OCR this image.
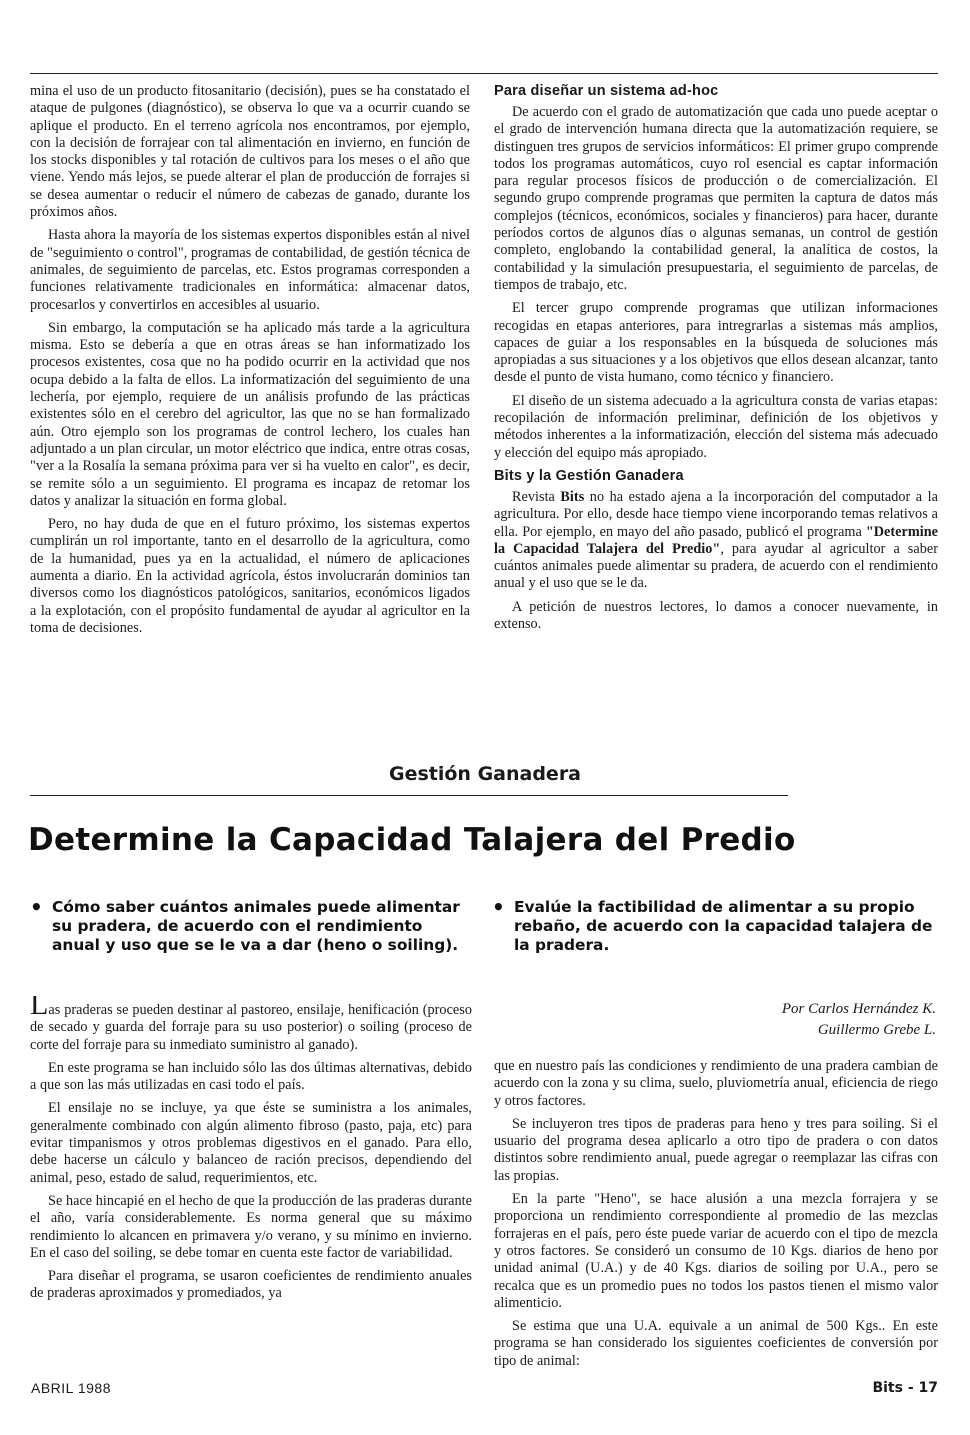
mina el uso de un producto fitosanitario (decisión), pues se ha constatado el ataque de pulgones (diagnóstico), se observa lo que va a ocurrir cuando se aplique el producto. En el terreno agrícola nos encontramos, por ejemplo, con la decisión de forrajear con tal alimentación en invierno, en función de los stocks disponibles y tal rotación de cultivos para los meses o el año que viene. Yendo más lejos, se puede alterar el plan de producción de forrajes si se desea aumentar o reducir el número de cabezas de ganado, durante los próximos años.

Hasta ahora la mayoría de los sistemas expertos disponibles están al nivel de "seguimiento o control", programas de contabilidad, de gestión técnica de animales, de seguimiento de parcelas, etc. Estos programas corresponden a funciones relativamente tradicionales en informática: almacenar datos, procesarlos y convertirlos en accesibles al usuario.

Sin embargo, la computación se ha aplicado más tarde a la agricultura misma. Esto se debería a que en otras áreas se han informatizado los procesos existentes, cosa que no ha podido ocurrir en la actividad que nos ocupa debido a la falta de ellos. La informatización del seguimiento de una lechería, por ejemplo, requiere de un análisis profundo de las prácticas existentes sólo en el cerebro del agricultor, las que no se han formalizado aún. Otro ejemplo son los programas de control lechero, los cuales han adjuntado a un plan circular, un motor eléctrico que indica, entre otras cosas, "ver a la Rosalía la semana próxima para ver si ha vuelto en calor", es decir, se remite sólo a un seguimiento. El programa es incapaz de retomar los datos y analizar la situación en forma global.

Pero, no hay duda de que en el futuro próximo, los sistemas expertos cumplirán un rol importante, tanto en el desarrollo de la agricultura, como de la humanidad, pues ya en la actualidad, el número de aplicaciones aumenta a diario. En la actividad agrícola, éstos involucrarán dominios tan diversos como los diagnósticos patológicos, sanitarios, económicos ligados a la explotación, con el propósito fundamental de ayudar al agricultor en la toma de decisiones.

Para diseñar un sistema ad-hoc

De acuerdo con el grado de automatización que cada uno puede aceptar o el grado de intervención humana directa que la automatización requiere, se distinguen tres grupos de servicios informáticos: El primer grupo comprende todos los programas automáticos, cuyo rol esencial es captar información para regular procesos físicos de producción o de comercialización. El segundo grupo comprende programas que permiten la captura de datos más complejos (técnicos, económicos, sociales y financieros) para hacer, durante períodos cortos de algunos días o algunas semanas, un control de gestión completo, englobando la contabilidad general, la analítica de costos, la contabilidad y la simulación presupuestaria, el seguimiento de parcelas, de tiempos de trabajo, etc.

El tercer grupo comprende programas que utilizan informaciones recogidas en etapas anteriores, para intregrarlas a sistemas más amplios, capaces de guiar a los responsables en la búsqueda de soluciones más apropiadas a sus situaciones y a los objetivos que ellos desean alcanzar, tanto desde el punto de vista humano, como técnico y financiero.

El diseño de un sistema adecuado a la agricultura consta de varias etapas: recopilación de información preliminar, definición de los objetivos y métodos inherentes a la informatización, elección del sistema más adecuado y elección del equipo más apropiado.

Bits y la Gestión Ganadera

Revista Bits no ha estado ajena a la incorporación del computador a la agricultura. Por ello, desde hace tiempo viene incorporando temas relativos a ella. Por ejemplo, en mayo del año pasado, publicó el programa "Determine la Capacidad Talajera del Predio", para ayudar al agricultor a saber cuántos animales puede alimentar su pradera, de acuerdo con el rendimiento anual y el uso que se le da.

A petición de nuestros lectores, lo damos a conocer nuevamente, in extenso.

Gestión Ganadera
Determine la Capacidad Talajera del Predio
• Cómo saber cuántos animales puede alimentar su pradera, de acuerdo con el rendimiento anual y uso que se le va a dar (heno o soiling).
• Evalúe la factibilidad de alimentar a su propio rebaño, de acuerdo con la capacidad talajera de la pradera.
Por Carlos Hernández K.
Guillermo Grebe L.

Las praderas se pueden destinar al pastoreo, ensilaje, henificación (proceso de secado y guarda del forraje para su uso posterior) o soiling (proceso de corte del forraje para su inmediato suministro al ganado).

En este programa se han incluido sólo las dos últimas alternativas, debido a que son las más utilizadas en casi todo el país.

El ensilaje no se incluye, ya que éste se suministra a los animales, generalmente combinado con algún alimento fibroso (pasto, paja, etc) para evitar timpanismos y otros problemas digestivos en el ganado. Para ello, debe hacerse un cálculo y balanceo de ración precisos, dependiendo del animal, peso, estado de salud, requerimientos, etc.

Se hace hincapié en el hecho de que la producción de las praderas durante el año, varía considerablemente. Es norma general que su máximo rendimiento lo alcancen en primavera y/o verano, y su mínimo en invierno. En el caso del soiling, se debe tomar en cuenta este factor de variabilidad.

Para diseñar el programa, se usaron coeficientes de rendimiento anuales de praderas aproximados y promediados, ya

que en nuestro país las condiciones y rendimiento de una pradera cambian de acuerdo con la zona y su clima, suelo, pluviometría anual, eficiencia de riego y otros factores.

Se incluyeron tres tipos de praderas para heno y tres para soiling. Si el usuario del programa desea aplicarlo a otro tipo de pradera o con datos distintos sobre rendimiento anual, puede agregar o reemplazar las cifras con las propias.

En la parte "Heno", se hace alusión a una mezcla forrajera y se proporciona un rendimiento correspondiente al promedio de las mezclas forrajeras en el país, pero éste puede variar de acuerdo con el tipo de mezcla y otros factores. Se consideró un consumo de 10 Kgs. diarios de heno por unidad animal (U.A.) y de 40 Kgs. diarios de soiling por U.A., pero se recalca que es un promedio pues no todos los pastos tienen el mismo valor alimenticio.

Se estima que una U.A. equivale a un animal de 500 Kgs.. En este programa se han considerado los siguientes coeficientes de conversión por tipo de animal:

ABRIL 1988	Bits - 17
